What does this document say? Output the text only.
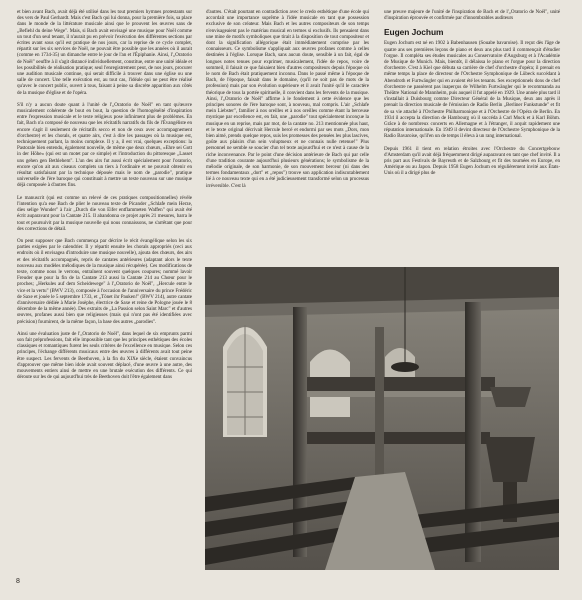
et bien avant Bach, avait déjà été utilisé dans les tout premiers hymnes protestants sur des vers de Paul Gerhardt. Mais c'est Bach qui lui donna, pour la première fois, sa place dans le monde de la littérature musicale ainsi que le prouvent les œuvres sans de „Befiehl du deine Wege". Mais, si Bach avait envisagé une musique pour Noël comme un tout d'un seul tenant, il n'aurait pu en prévoir l'exécution des différentes sections par écrites avant sous qu'il est pratique de nos jours, car la reprise de ce cycle complet, répartit sur les six services de Noël, ne pouvait être possible que les années où il aurait (comme en 1734-35) un dimanche entre le jour de l'an et l'Épiphanie. Ainsi, l'„Oratorio de Noël" oeuffre à il s'agit distancé individuellement, constitue, entre une unité idéale et les possibilités de réalisation pratique; seul l'enregistrement peut, de nos jours, procurer une audition musicale continue, qui serait difficile à trouver dans une église ou une salle de concert. Une telle exécution est, au tout cas, l'idéale qui ne peut être réalisé qu'avec le concert public, ouvert à tous, faisant à peine sa discrète apparition aux côtés de la musique d'église et de l'opéra.

S'il n'y a aucun doute quant à l'unité de l'„Oratorio de Noël" en tant qu'œuvre musicalement cohérente de bout en bout, la question de l'homogénéité d'inspiration entre l'expression musicale et le texte religieux pose infiniment plus de problèmes. En fait, Bach n'a composé de nouveau que les récitatifs narratifs du fils de l'Évangéliste en encore s'agit il seulement de récitatifs secco et non de ceux avec accompagnement d'orchestre) et les chorals, et quatre airs, c'est à dire les passages où la musique est, techniquement parlant, la moins complexe. Il y a, il est vrai, quelques exceptions: la Pastorale bien entendu, également nouvelle, de même que deux chœurs, «Ehre sei Gott in der Höhe» (qui est un motet par ce simple) et l'introduction du pittoresque „Lasset uns gehen gen Bethlehem". L'un des airs fut aussi écrit spécialement pour l'oratorio, encore qu'on ait aux ciseaux complets un tiers à l'ordinaire et ne pouvait obtenir en résultat satisfaisant par la technique déposée mais le nom de „parodie", pratique universelle de l'ère baroque qui constituait à mettre un texte nouveau sur une musique déjà composée à d'autres fins.

Le manuscrit (qui est comme un relevé de ces pratiques compositionnelles) révèle l'intention qu'a eue Bach de plier le nouveau texte de Picander „Schlafe mein Herze, dies selige Wunder" à l'air „Durch die von Eifer entflammeten Waffen" qui avait été écrit auparavant pour la Cantate 215. Il abandonna ce projet après 21 mesures, barra le tout et poursuivit par la musique nouvelle qui nous connaissons, ne s'arrêtant que pour des corrections de détail.

On peut supposer que Bach commença par décrire le récit évangélique selon les six parties exigées par le calendrier. Il y répartit ensuite les chorals appropriés (ceci aux endroits où il envisagea d'introduire une musique nouvelle), ajouta des chœurs, des airs et des récitatifs accompagnés, repris de cantates antérieures (adaptant alors le texte nouveau aux modèles mélodiques de la musique ainsi récupérée). Ces modifications de texte, comme nous le verrons, entraînent souvent quelques coupures; nommé lavoir Freuder que pour la fin de la Cantate 213 aussi la Cantate 214 au Chœur pour le proches; „Herkules auf dem Scheidewege" à l'„Oratorio de Noël", „Hercule entre le vice et la vertu" (BWV 213), composée à l'occasion de l'anniversaire du prince Frédéric de Saxe et jouée le 5 septembre 1733, et „Tönet ihr Pauken!" (BWV 214), autre cantate d'anniversaire dédiée à Marie Josèphe, électrice de Saxe et reine de Pologne jouée le 8 décembre de la même année). Des extraits de „La Passion selon Saint Marc" et d'autres œuvres, profanes aussi bien que religieuses (mais qui n'ont pas été identifiées avec précision) fournirent, de la même façon, la base des autres „parodies".

Ainsi une évaluation juste de l'„Oratorio de Noël", dans lequel de six emprunts parmi son fait préprofessions, fait elle impossible tant que les principes esthétiques des écoles classiques et romantiques furent les seuls critères de l'excellence en musique. Selon ces principes, l'échange différents musicaux entre des œuvres à différents avait tout peine être suspect. Les fervents de Beethoven, à la fin du XIXe siècle, étaient convaincus d'approuver que même bien idole avait souvent déplacé, d'une œuvre à une autre, des mouvements entiers ainsi de mettre en une brutale exécution des différents. Ce qui déroute sur les de qui aujourd'hui très de Beethoven doit l'être également dans

d'autres. C'était pourtant en contradiction avec le credo esthétique d'une école qui accordait une importance suprême à l'idée musicale en tant que possession exclusive de son créateur. Mais Bach et les autres compositeurs de son temps n'envisageaient pas le matériau musical en termes si exclusifs. Ils pensaient dans une mine de motifs symboliques que tirait à la disposition de tout compositeur et dont la signification allégorique était immédiatement comprise par les connaisseurs. Ce symbolisme s'appliquait aux œuvres profanes comme à celles destinées à l'église. Lorsque Bach, sans aucun doute, sensible à un fait, égal de longues notes tenues pour exprimer, musicalement, l'idée de repos, voire de sommeil, il faisait ce que faisaient bien d'autres compositeurs depuis l'époque où le nom de Bach était pratiquement inconnu. Dans le passé même à l'époque de Bach, de l'époque, faisait dans le domaine, (qu'il ne soit pas de mots de la profession) mais par son évolution supérieure et il avait l'unité qu'il le caractère théorique de tous la portée spirituelle, il convient dans les fervents de la musique. Ainsi, l'„Oratorio de Noël" affirme à le fondement à cette évidence que les principes sonores de l'ère baroque sont, à nouveau, mal compris. L'air „Schlafe mein Liebster", familier à nos oreilles et à nos oreilles comme étant la berceuse mystique par excellence est, en fait, une „parodie" tout spécialement inconçue la musique en un reprise, mais par mot, de la cantate no. 213 mentionnée plus haut, et le texte original décrivait Hercule bercé et endormi par ses mots „Dors, mon bien aimé, prends quelque repos, suis les promesses des pensées les plus lascives, goûte aux plaisirs d'un sein voluptueux et ne connais nulle retenue!" Plus personnel ne semble se soucier d'un tel texte aujourd'hui et ce n'est à cause de la riche inconvenance. Par le point d'une décision antérieure de Bach qui par celle d'une tradition courante aujourd'hui plusieurs générations; le symbolisme de la mélodie originale, de son harmonie, de son mouvement berceur (ni dans des termes fondamentaux „dort" et „repos") trouve son application indiscutablement lié à ce nouveau texte qui en a été judicieusement transformé selon un processus irréversible. C'est là

une preuve majeure de l'unité de l'inspiration de Bach et de l'„Oratorio de Noël", unité d'inspiration éprouvée et confirmée par d'innombrables auditeurs

Eugen Jochum

Eugen Jochum est né en 1902 à Babenhausen (Souabe bavaroise). Il reçut dès l'âge de quatre ans ses premières leçons de piano et deux ans plus tard il commençait d'étudier l'orgue. Il compléta ses études musicales au Conservatoire d'Augsburg et à l'Académie de Musique de Munich. Mais, bientôt, il délaissa le piano et l'orgue pour la direction d'orchestre. C'est à Kiel que débuta sa carrière de chef d'orchestre d'opéra; il prenait en même temps la place de directeur de l'Orchestre Symphonique de Lübeck succédant à Abendroth et Furtwängler qui en avaient été les tenants. Ses exceptionnels dons de chef d'orchestre ne passèrent pas inaperçus de Wilhelm Furtwängler qui le recommanda au Théâtre National de Mannheim, puis auquel il fut appelé en 1929. Une année plus tard il s'installait à Duisbourg comme Directeur Général de la Musique, deux ans après il prenait la direction musicale de l'émission de Radio Berlin „Berliner Funkstunde" et fit de sa vie attaché à l'Orchestre Philharmonique et à l'Orchestre de l'Opéra de Berlin. En 1934 il accepta la direction de Hambourg où il succéda à Carl Muck et à Karl Böhm. Grâce à de nombreux concerts en Allemagne et à l'étranger, il acquit rapidement une réputation internationale. En 1949 il devint directeur de l'Orchestre Symphonique de la Radio Bavaroise, qu'il'en un de temps il éleva à un rang international.

Depuis 1961 il tient en relation étroites avec l'Orchestre du Concertgebouw d'Amsterdam qu'il avait déjà fréquemment dirigé auparavant en tant que chef invité. Il a pris part aux Festivals de Bayreuth et de Salzbourg et fit des tournées en Europe, en Amérique ou au Japon. Depuis 1958 Eugen Jochum en régulièrement invité aux États-Unis où il a dirigé plus de

8
